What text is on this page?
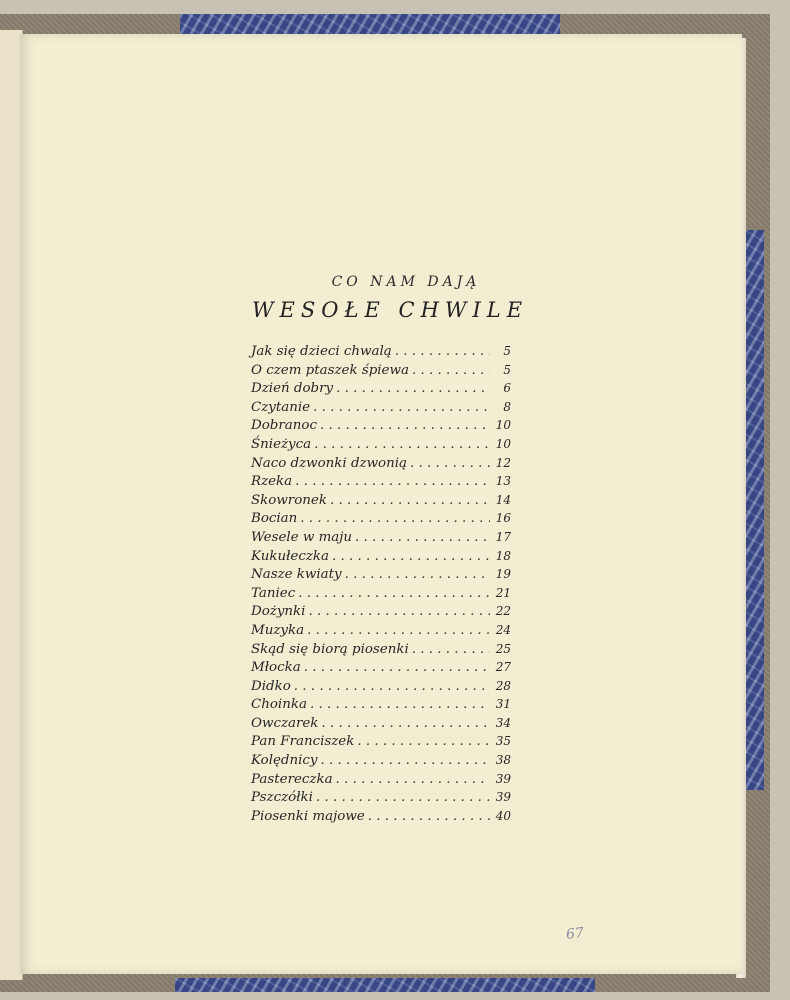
CO NAM DAJĄ
WESOŁE CHWILE
Jak się dzieci chwalą . . .	5
O czem ptaszek śpiewa . . .	5
Dzień dobry . . .	6
Czytanie . . .	8
Dobranoc . . .	10
Śnieżyca . . .	10
Naco dzwonki dzwonią . . .	12
Rzeka . . .	13
Skowronek . . .	14
Bocian . . .	16
Wesele w maju . . .	17
Kukułeczka . . .	18
Nasze kwiaty . . .	19
Taniec . . .	21
Dożynki . . .	22
Muzyka . . .	24
Skąd się biorą piosenki . . .	25
Młocka . . .	27
Didko . . .	28
Choinka . . .	31
Owczarek . . .	34
Pan Franciszek . . .	35
Kolędnicy . . .	38
Pastereczka . . .	39
Pszczółki . . .	39
Piosenki majowe . . .	40
67
